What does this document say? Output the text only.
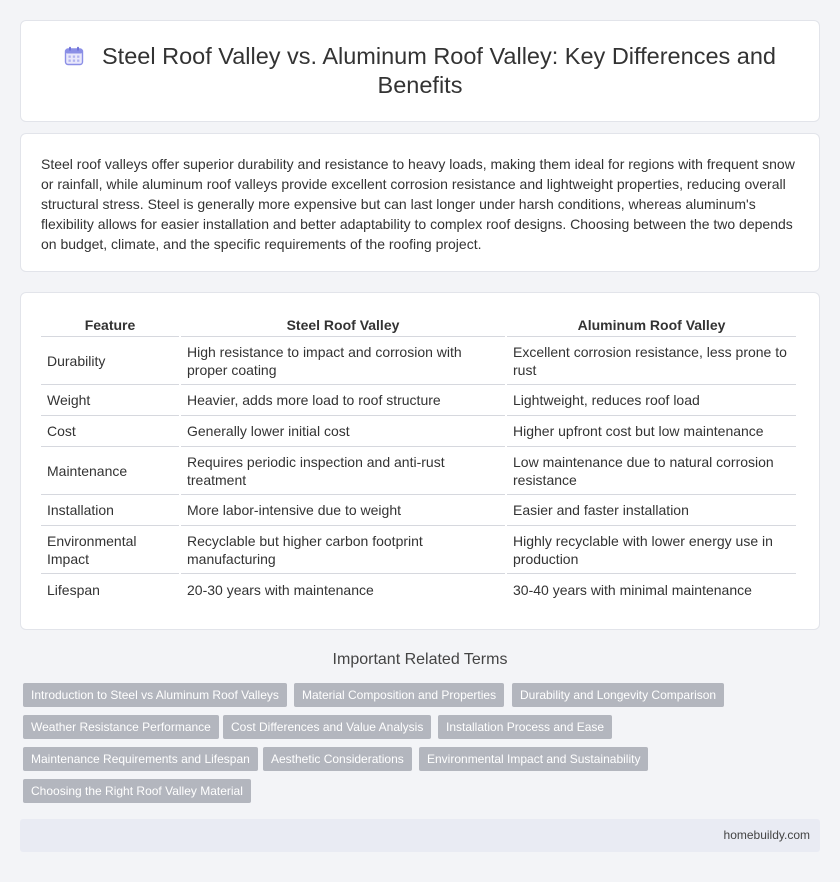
Steel Roof Valley vs. Aluminum Roof Valley: Key Differences and Benefits

Steel roof valleys offer superior durability and resistance to heavy loads, making them ideal for regions with frequent snow or rainfall, while aluminum roof valleys provide excellent corrosion resistance and lightweight properties, reducing overall structural stress. Steel is generally more expensive but can last longer under harsh conditions, whereas aluminum's flexibility allows for easier installation and better adaptability to complex roof designs. Choosing between the two depends on budget, climate, and the specific requirements of the roofing project.

Feature	Steel Roof Valley	Aluminum Roof Valley
Durability	High resistance to impact and corrosion with proper coating	Excellent corrosion resistance, less prone to rust
Weight	Heavier, adds more load to roof structure	Lightweight, reduces roof load
Cost	Generally lower initial cost	Higher upfront cost but low maintenance
Maintenance	Requires periodic inspection and anti-rust treatment	Low maintenance due to natural corrosion resistance
Installation	More labor-intensive due to weight	Easier and faster installation
Environmental Impact	Recyclable but higher carbon footprint manufacturing	Highly recyclable with lower energy use in production
Lifespan	20-30 years with maintenance	30-40 years with minimal maintenance
Important Related Terms
Introduction to Steel vs Aluminum Roof Valleys	Material Composition and Properties	Durability and Longevity Comparison
Weather Resistance Performance	Cost Differences and Value Analysis	Installation Process and Ease
Maintenance Requirements and Lifespan	Aesthetic Considerations	Environmental Impact and Sustainability
Choosing the Right Roof Valley Material
homebuildy.com
